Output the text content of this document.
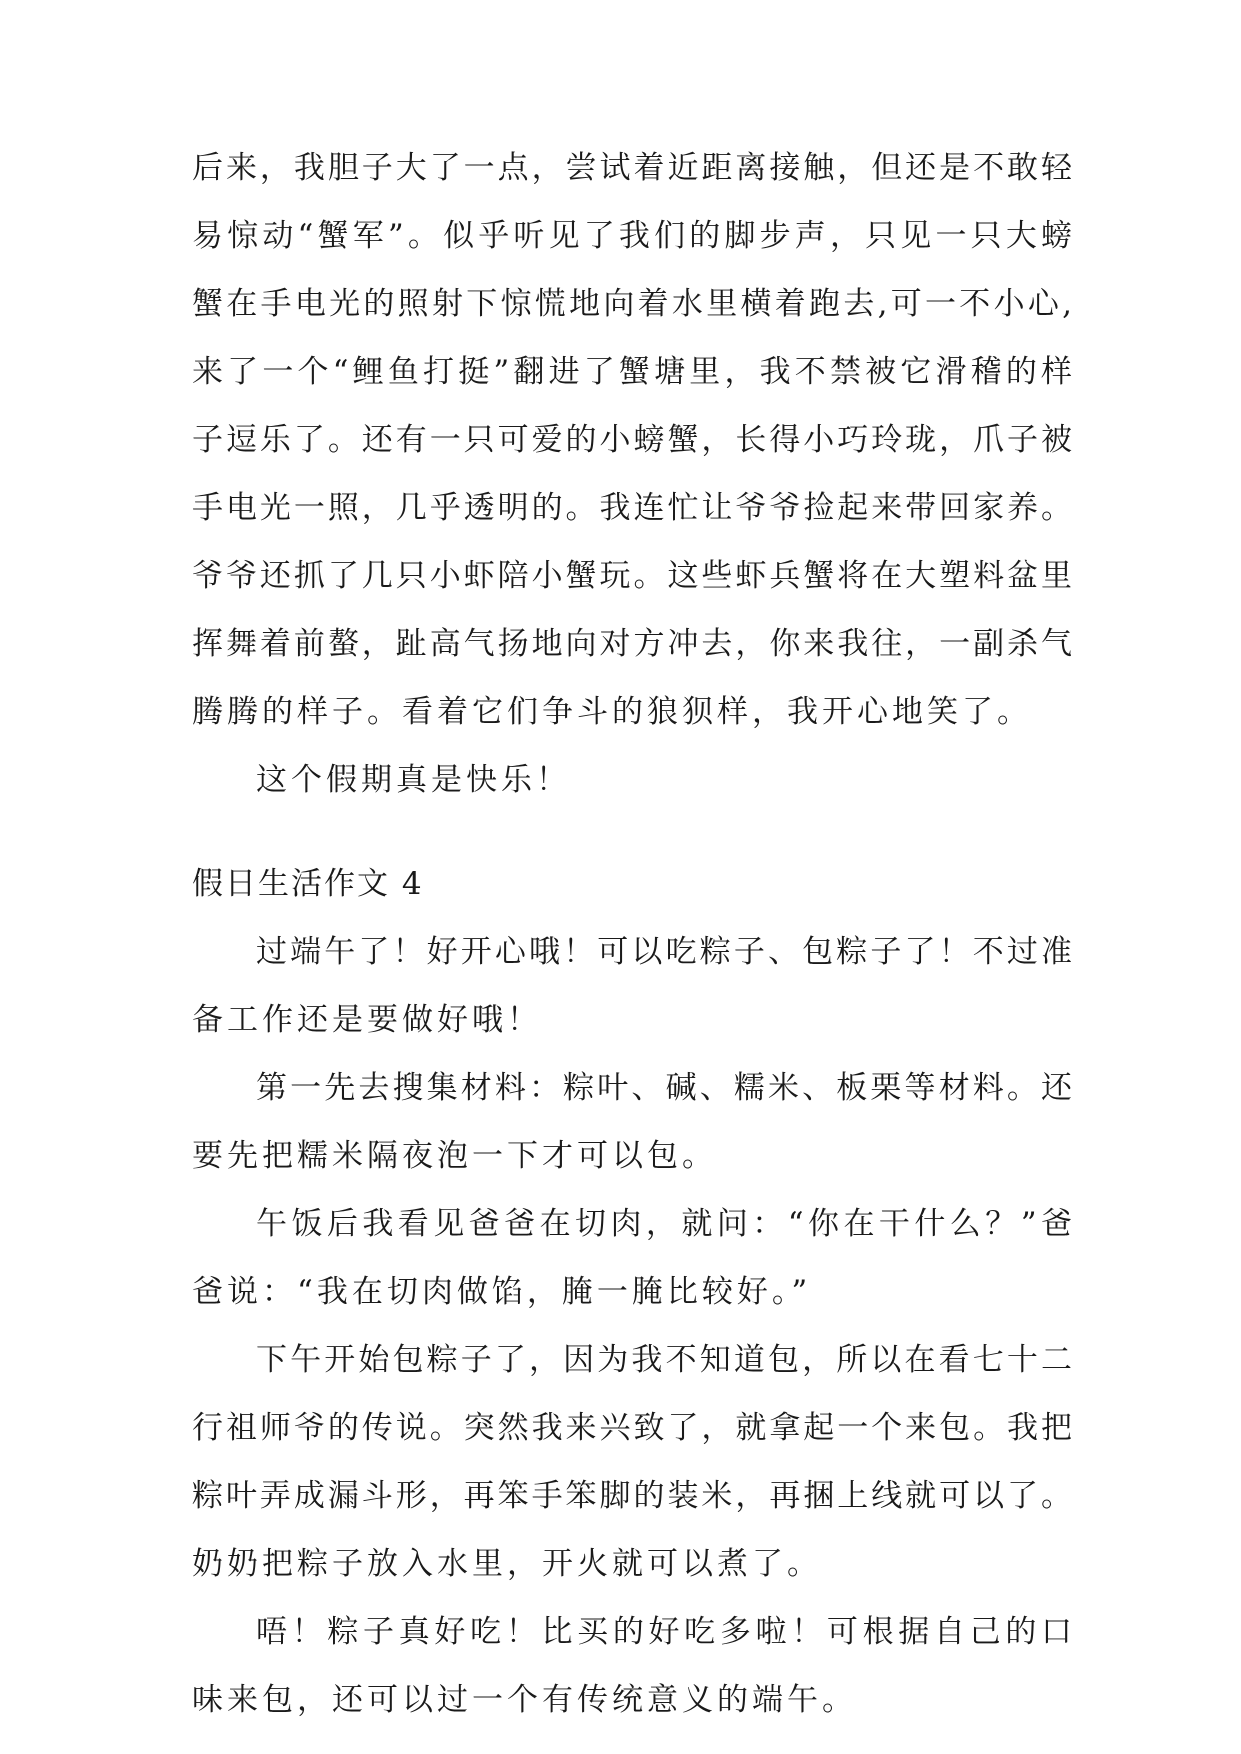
后来，我胆子大了一点，尝试着近距离接触，但还是不敢轻
易惊动“蟹军”。似乎听见了我们的脚步声，只见一只大螃
蟹在手电光的照射下惊慌地向着水里横着跑去,可一不小心,
来了一个“鲤鱼打挺”翻进了蟹塘里，我不禁被它滑稽的样
子逗乐了。还有一只可爱的小螃蟹，长得小巧玲珑，爪子被
手电光一照，几乎透明的。我连忙让爷爷捡起来带回家养。
爷爷还抓了几只小虾陪小蟹玩。这些虾兵蟹将在大塑料盆里
挥舞着前螯，趾高气扬地向对方冲去，你来我往，一副杀气
腾腾的样子。看着它们争斗的狼狈样，我开心地笑了。
这个假期真是快乐！
假日生活作文 4
过端午了！好开心哦！可以吃粽子、包粽子了！不过准
备工作还是要做好哦！
第一先去搜集材料：粽叶、碱、糯米、板栗等材料。还
要先把糯米隔夜泡一下才可以包。
午饭后我看见爸爸在切肉，就问：“你在干什么？”爸
爸说：“我在切肉做馅，腌一腌比较好。”
下午开始包粽子了，因为我不知道包，所以在看七十二
行祖师爷的传说。突然我来兴致了，就拿起一个来包。我把
粽叶弄成漏斗形，再笨手笨脚的装米，再捆上线就可以了。
奶奶把粽子放入水里，开火就可以煮了。
唔！粽子真好吃！比买的好吃多啦！可根据自己的口
味来包，还可以过一个有传统意义的端午。
